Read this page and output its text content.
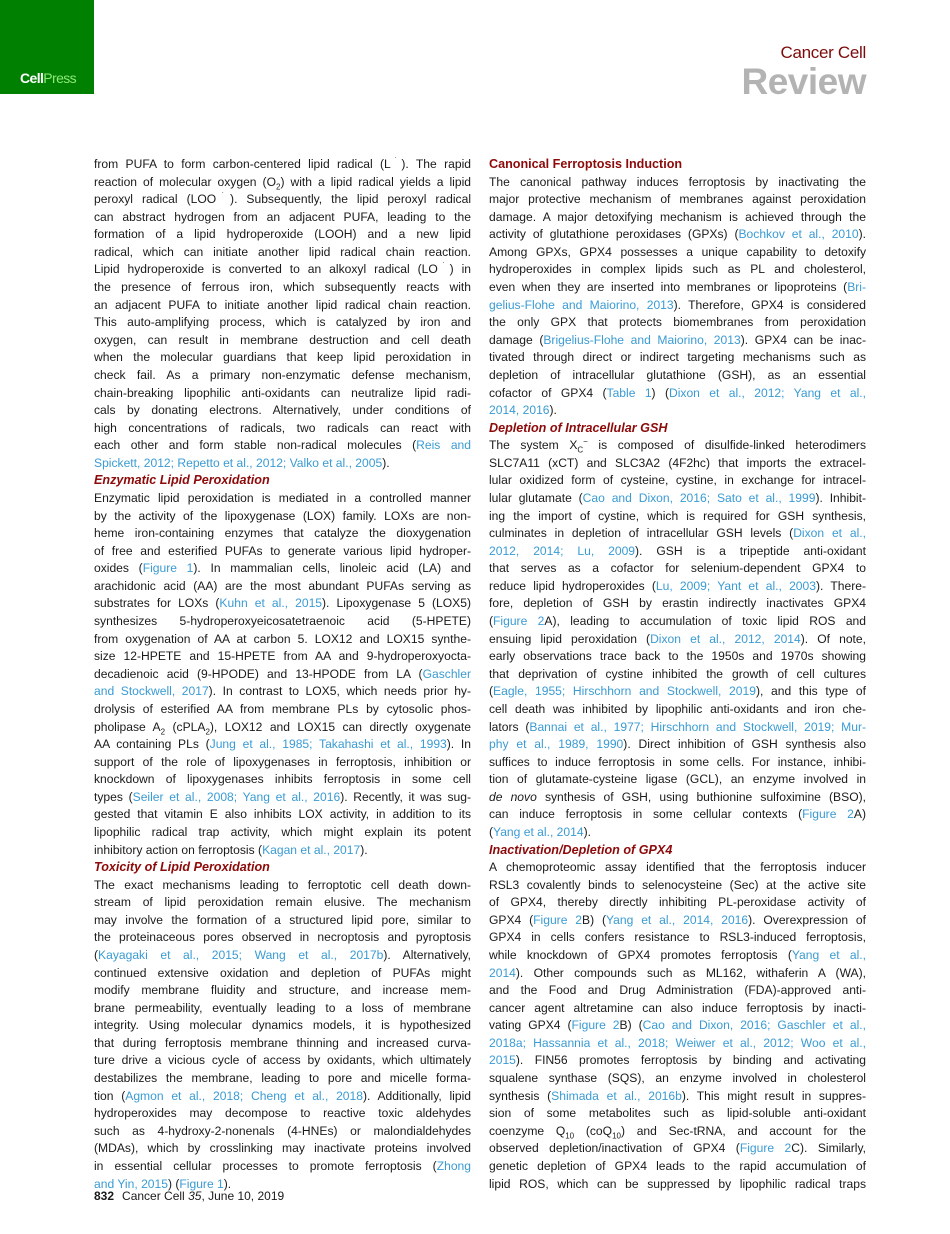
CellPress
Cancer Cell
Review
from PUFA to form carbon-centered lipid radical (L˙). The rapid
reaction of molecular oxygen $(O_2)$ with a lipid radical yields a lipid
peroxyl radical (LOO˙). Subsequently, the lipid peroxyl radical
can abstract hydrogen from an adjacent PUFA, leading to the
formation of a lipid hydroperoxide (LOOH) and a new lipid
radical, which can initiate another lipid radical chain reaction.
Lipid hydroperoxide is converted to an alkoxyl radical (LO˙) in
the presence of ferrous iron, which subsequently reacts with
an adjacent PUFA to initiate another lipid radical chain reaction.
This auto-amplifying process, which is catalyzed by iron and
oxygen, can result in membrane destruction and cell death
when the molecular guardians that keep lipid peroxidation in
check fail. As a primary non-enzymatic defense mechanism,
chain-breaking lipophilic anti-oxidants can neutralize lipid radi-
cals by donating electrons. Alternatively, under conditions of
high concentrations of radicals, two radicals can react with
each other and form stable non-radical molecules (Reis and
Spickett, 2012; Repetto et al., 2012; Valko et al., 2005).
Enzymatic Lipid Peroxidation
Enzymatic lipid peroxidation is mediated in a controlled manner
by the activity of the lipoxygenase (LOX) family. LOXs are non-
heme iron-containing enzymes that catalyze the dioxygenation
of free and esterified PUFAs to generate various lipid hydroper-
oxides (Figure 1). In mammalian cells, linoleic acid (LA) and
arachidonic acid (AA) are the most abundant PUFAs serving as
substrates for LOXs (Kuhn et al., 2015). Lipoxygenase 5 (LOX5)
synthesizes 5-hydroperoxyeicosatetraenoic acid (5-HPETE)
from oxygenation of AA at carbon 5. LOX12 and LOX15 synthe-
size 12-HPETE and 15-HPETE from AA and 9-hydroperoxyocta-
decadienoic acid (9-HPODE) and 13-HPODE from LA (Gaschler
and Stockwell, 2017). In contrast to LOX5, which needs prior hy-
drolysis of esterified AA from membrane PLs by cytosolic phos-
pholipase $A_2$ (cPLA$_2$), LOX12 and LOX15 can directly oxygenate
AA containing PLs (Jung et al., 1985; Takahashi et al., 1993). In
support of the role of lipoxygenases in ferroptosis, inhibition or
knockdown of lipoxygenases inhibits ferroptosis in some cell
types (Seiler et al., 2008; Yang et al., 2016). Recently, it was sug-
gested that vitamin E also inhibits LOX activity, in addition to its
lipophilic radical trap activity, which might explain its potent
inhibitory action on ferroptosis (Kagan et al., 2017).
Toxicity of Lipid Peroxidation
The exact mechanisms leading to ferroptotic cell death down-
stream of lipid peroxidation remain elusive. The mechanism
may involve the formation of a structured lipid pore, similar to
the proteinaceous pores observed in necroptosis and pyroptosis
(Kayagaki et al., 2015; Wang et al., 2017b). Alternatively,
continued extensive oxidation and depletion of PUFAs might
modify membrane fluidity and structure, and increase mem-
brane permeability, eventually leading to a loss of membrane
integrity. Using molecular dynamics models, it is hypothesized
that during ferroptosis membrane thinning and increased curva-
ture drive a vicious cycle of access by oxidants, which ultimately
destabilizes the membrane, leading to pore and micelle forma-
tion (Agmon et al., 2018; Cheng et al., 2018). Additionally, lipid
hydroperoxides may decompose to reactive toxic aldehydes
such as 4-hydroxy-2-nonenals (4-HNEs) or malondialdehydes
(MDAs), which by crosslinking may inactivate proteins involved
in essential cellular processes to promote ferroptosis (Zhong
and Yin, 2015) (Figure 1).
Canonical Ferroptosis Induction
The canonical pathway induces ferroptosis by inactivating the
major protective mechanism of membranes against peroxidation
damage. A major detoxifying mechanism is achieved through the
activity of glutathione peroxidases (GPXs) (Bochkov et al., 2010).
Among GPXs, GPX4 possesses a unique capability to detoxify
hydroperoxides in complex lipids such as PL and cholesterol,
even when they are inserted into membranes or lipoproteins (Bri-
gelius-Flohe and Maiorino, 2013). Therefore, GPX4 is considered
the only GPX that protects biomembranes from peroxidation
damage (Brigelius-Flohe and Maiorino, 2013). GPX4 can be inac-
tivated through direct or indirect targeting mechanisms such as
depletion of intracellular glutathione (GSH), as an essential
cofactor of GPX4 (Table 1) (Dixon et al., 2012; Yang et al.,
2014, 2016).
Depletion of Intracellular GSH
The system $X_C^-$ is composed of disulfide-linked heterodimers
SLC7A11 (xCT) and SLC3A2 (4F2hc) that imports the extracel-
lular oxidized form of cysteine, cystine, in exchange for intracel-
lular glutamate (Cao and Dixon, 2016; Sato et al., 1999). Inhibit-
ing the import of cystine, which is required for GSH synthesis,
culminates in depletion of intracellular GSH levels (Dixon et al.,
2012, 2014; Lu, 2009). GSH is a tripeptide anti-oxidant
that serves as a cofactor for selenium-dependent GPX4 to
reduce lipid hydroperoxides (Lu, 2009; Yant et al., 2003). There-
fore, depletion of GSH by erastin indirectly inactivates GPX4
(Figure 2A), leading to accumulation of toxic lipid ROS and
ensuing lipid peroxidation (Dixon et al., 2012, 2014). Of note,
early observations trace back to the 1950s and 1970s showing
that deprivation of cystine inhibited the growth of cell cultures
(Eagle, 1955; Hirschhorn and Stockwell, 2019), and this type of
cell death was inhibited by lipophilic anti-oxidants and iron che-
lators (Bannai et al., 1977; Hirschhorn and Stockwell, 2019; Mur-
phy et al., 1989, 1990). Direct inhibition of GSH synthesis also
suffices to induce ferroptosis in some cells. For instance, inhibi-
tion of glutamate-cysteine ligase (GCL), an enzyme involved in
de novo synthesis of GSH, using buthionine sulfoximine (BSO),
can induce ferroptosis in some cellular contexts (Figure 2A)
(Yang et al., 2014).
Inactivation/Depletion of GPX4
A chemoproteomic assay identified that the ferroptosis inducer
RSL3 covalently binds to selenocysteine (Sec) at the active site
of GPX4, thereby directly inhibiting PL-peroxidase activity of
GPX4 (Figure 2B) (Yang et al., 2014, 2016). Overexpression of
GPX4 in cells confers resistance to RSL3-induced ferroptosis,
while knockdown of GPX4 promotes ferroptosis (Yang et al.,
2014). Other compounds such as ML162, withaferin A (WA),
and the Food and Drug Administration (FDA)-approved anti-
cancer agent altretamine can also induce ferroptosis by inacti-
vating GPX4 (Figure 2B) (Cao and Dixon, 2016; Gaschler et al.,
2018a; Hassannia et al., 2018; Weiwer et al., 2012; Woo et al.,
2015). FIN56 promotes ferroptosis by binding and activating
squalene synthase (SQS), an enzyme involved in cholesterol
synthesis (Shimada et al., 2016b). This might result in suppres-
sion of some metabolites such as lipid-soluble anti-oxidant
coenzyme $Q_{10}$ (coQ$_{10}$) and Sec-tRNA, and account for the
observed depletion/inactivation of GPX4 (Figure 2C). Similarly,
genetic depletion of GPX4 leads to the rapid accumulation of
lipid ROS, which can be suppressed by lipophilic radical traps
832 Cancer Cell 35, June 10, 2019
